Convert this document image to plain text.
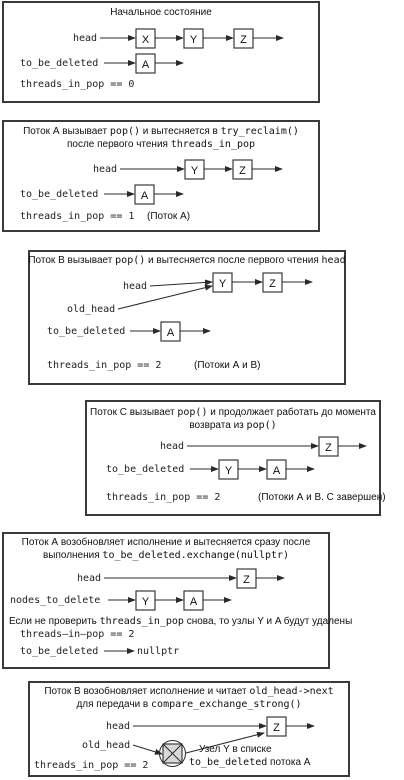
Начальное состояние
head	X	Y	Z
to_be_deleted	A
threads_in_pop == 0
Поток А вызывает pop() и вытесняется в try_reclaim()
после первого чтения threads_in_pop
head	Y	Z
to_be_deleted	A
threads_in_pop == 1 (Поток А)
Поток B вызывает pop() и вытесняется после первого чтения head
head	Y	Z
old_head
to_be_deleted	A
threads_in_pop == 2	(Потоки А и B)
Поток С вызывает pop() и продолжает работать до момента
возврата из pop()
head	Z
to_be_deleted	Y	A
threads_in_pop == 2	(Потоки А и B. С завершен)
Поток А возобновляет исполнение и вытесняется сразу после
выполнения to_be_deleted.exchange(nullptr)
head	Z
nodes_to_delete	Y	A
Если не проверить threads_in_pop снова, то узлы Y и A будут удалены
threads—in—pop == 2
to_be_deleted	nullptr
Поток B возобновляет исполнение и читает old_head->next
для передачи в compare_exchange_strong()
head	Z
old_head
threads_in_pop == 2
Узел Y в списке
to_be_deleted потока А
